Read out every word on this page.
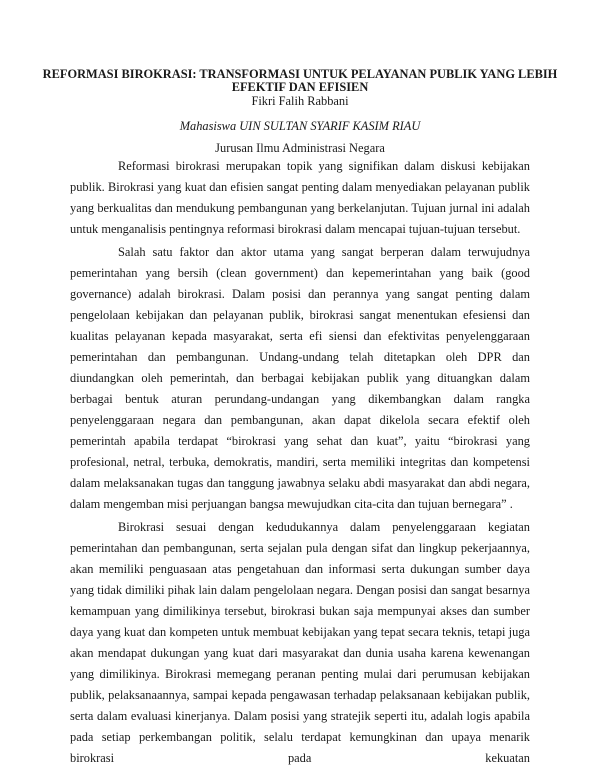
REFORMASI BIROKRASI: TRANSFORMASI UNTUK PELAYANAN PUBLIK YANG LEBIH EFEKTIF DAN EFISIEN
Fikri Falih Rabbani
Mahasiswa UIN SULTAN SYARIF KASIM RIAU
Jurusan Ilmu Administrasi Negara

Reformasi birokrasi merupakan topik yang signifikan dalam diskusi kebijakan publik. Birokrasi yang kuat dan efisien sangat penting dalam menyediakan pelayanan publik yang berkualitas dan mendukung pembangunan yang berkelanjutan. Tujuan jurnal ini adalah untuk menganalisis pentingnya reformasi birokrasi dalam mencapai tujuan-tujuan tersebut.

Salah satu faktor dan aktor utama yang sangat berperan dalam terwujudnya pemerintahan yang bersih (clean government) dan kepemerintahan yang baik (good governance) adalah birokrasi. Dalam posisi dan perannya yang sangat penting dalam pengelolaan kebijakan dan pelayanan publik, birokrasi sangat menentukan efesiensi dan kualitas pelayanan kepada masyarakat, serta efi siensi dan efektivitas penyelenggaraan pemerintahan dan pembangunan. Undang-undang telah ditetapkan oleh DPR dan diundangkan oleh pemerintah, dan berbagai kebijakan publik yang dituangkan dalam berbagai bentuk aturan perundang-undangan yang dikembangkan dalam rangka penyelenggaraan negara dan pembangunan, akan dapat dikelola secara efektif oleh pemerintah apabila terdapat “birokrasi yang sehat dan kuat”, yaitu “birokrasi yang profesional, netral, terbuka, demokratis, mandiri, serta memiliki integritas dan kompetensi dalam melaksanakan tugas dan tanggung jawabnya selaku abdi masyarakat dan abdi negara, dalam mengemban misi perjuangan bangsa mewujudkan cita-cita dan tujuan bernegara” .

Birokrasi sesuai dengan kedudukannya dalam penyelenggaraan kegiatan pemerintahan dan pembangunan, serta sejalan pula dengan sifat dan lingkup pekerjaannya, akan memiliki penguasaan atas pengetahuan dan informasi serta dukungan sumber daya yang tidak dimiliki pihak lain dalam pengelolaan negara. Dengan posisi dan sangat besarnya kemampuan yang dimilikinya tersebut, birokrasi bukan saja mempunyai akses dan sumber daya yang kuat dan kompeten untuk membuat kebijakan yang tepat secara teknis, tetapi juga akan mendapat dukungan yang kuat dari masyarakat dan dunia usaha karena kewenangan yang dimilikinya. Birokrasi memegang peranan penting mulai dari perumusan kebijakan publik, pelaksanaannya, sampai kepada pengawasan terhadap pelaksanaan kebijakan publik, serta dalam evaluasi kinerjanya. Dalam posisi yang stratejik seperti itu, adalah logis apabila pada setiap perkembangan politik, selalu terdapat kemungkinan dan upaya menarik birokrasi pada kekuatan
